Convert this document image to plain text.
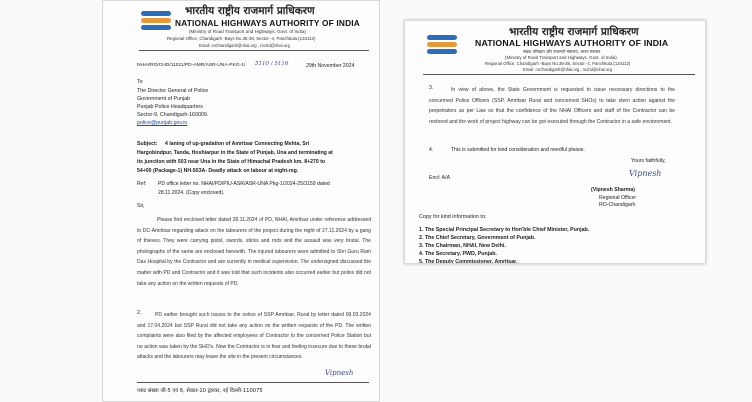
भारतीय राष्ट्रीय राजमार्ग प्राधिकरण
NATIONAL HIGHWAYS AUTHORITY OF INDIA
(Ministry of Road Transport and Highways, Govt. of India)
Regional Office, Chandigarh -Bays No.35-38, Sector -4, Panchkula.(134112)
Email: roChandigarh@nhai.org , rochd@nhai.org
NHAI/RO/CHD/11011/PD-AMR/ASR-UNA-PKG-1/ 5110 / 5116	29th November 2024
To
The Director General of Police
Government of Punjab
Punjab Police Headquarters
Sector-9, Chandigarh-160009.
police@punjab.gov.in
Subject: 4 laning of up-gradation of Amritsar Connecting Mehta, Sri
Hargobindpur, Tanda, Hoshiarpur in the State of Punjab, Una and terminating at
its junction with 503 near Una in the State of Himachal Pradesh km. 8+270 to
54+00 (Package-1) NH-503A- Deadly attack on labour at night-reg.
Ref: PD office letter no. NHAI/PD/PIU-ASR/ASR-UNA Pkg-1/2024-25/3159 dated
28.11.2024. (Copy enclosed).
Sir,
Please find enclosed letter dated 28.11.2024 of PD, NHAI, Amritsar under reference addressed to DC-Amritsar regarding attack on the labourers of the project during the night of 27.11.2024 by a gang of thieves. They were carrying pistol, swords, sticks and rods and the assault was very brutal. The photographs of the same are enclosed herewith. The injured labourers were admitted to Shri Guru Ram Das Hospital by the Contractor and are currently in medical supervision. The undersigned discussed the matter with PD and Contractor and it was told that such incidents also occurred earlier but police did not take any action on the written requests of PD.
2.	PD earlier brought such issues to the notice of SSP Amritsar, Rural by letter dated 09.03.2024 and 17.04.2024 but SSP Rural did not take any action on the written requests of the PD. The written complaints were also filed by the affected employees of Contractor to the concerned Police Station but no action was taken by the SHO's. Now the Contractor is in fear and feeling insecure due to these brutal attacks and the labourers may leave the site in the present circumstances.
Vipnesh
प्लाट संख्या जी-5 एवं 6, सेक्टर-10 द्वारका, नई दिल्ली-110075
भारतीय राष्ट्रीय राजमार्ग प्राधिकरण
NATIONAL HIGHWAYS AUTHORITY OF INDIA
सड़क परिवहन और राजमार्ग मंत्रालय, भारत सरकार
(Ministry of Road Transport and Highways, Govt. of India)
Regional Office, Chandigarh -Bays No.35-38, Sector -4, Panchkula.(134112)
Email: roChandigarh@nhai.org , rochd@nhai.org
3.	In view of above, the State Government is requested to issue necessary directions to the concerned Police Officers (SSP, Amritsar Rural and concerned SHOs) to take stern action against the perpetrators as per Law so that the confidence of the NHAI Officers and staff of the Contractor can be restored and the work of project highway can be got executed through the Contractor in a safe environment.
4.	This is submitted for kind consideration and needful please.
Yours faithfully,
Vipnesh
Encl: A/A
(Vipnesh Sharma)
Regional Officer
RO-Chandigarh
Copy for kind information to:
1. The Special Principal Secretary to Hon'ble Chief Minister, Punjab.
2. The Chief Secretary, Government of Punjab.
3. The Chairman, NHAI, New Delhi.
4. The Secretary, PWD, Punjab.
5. The Deputy Commissioner, Amritsar.
